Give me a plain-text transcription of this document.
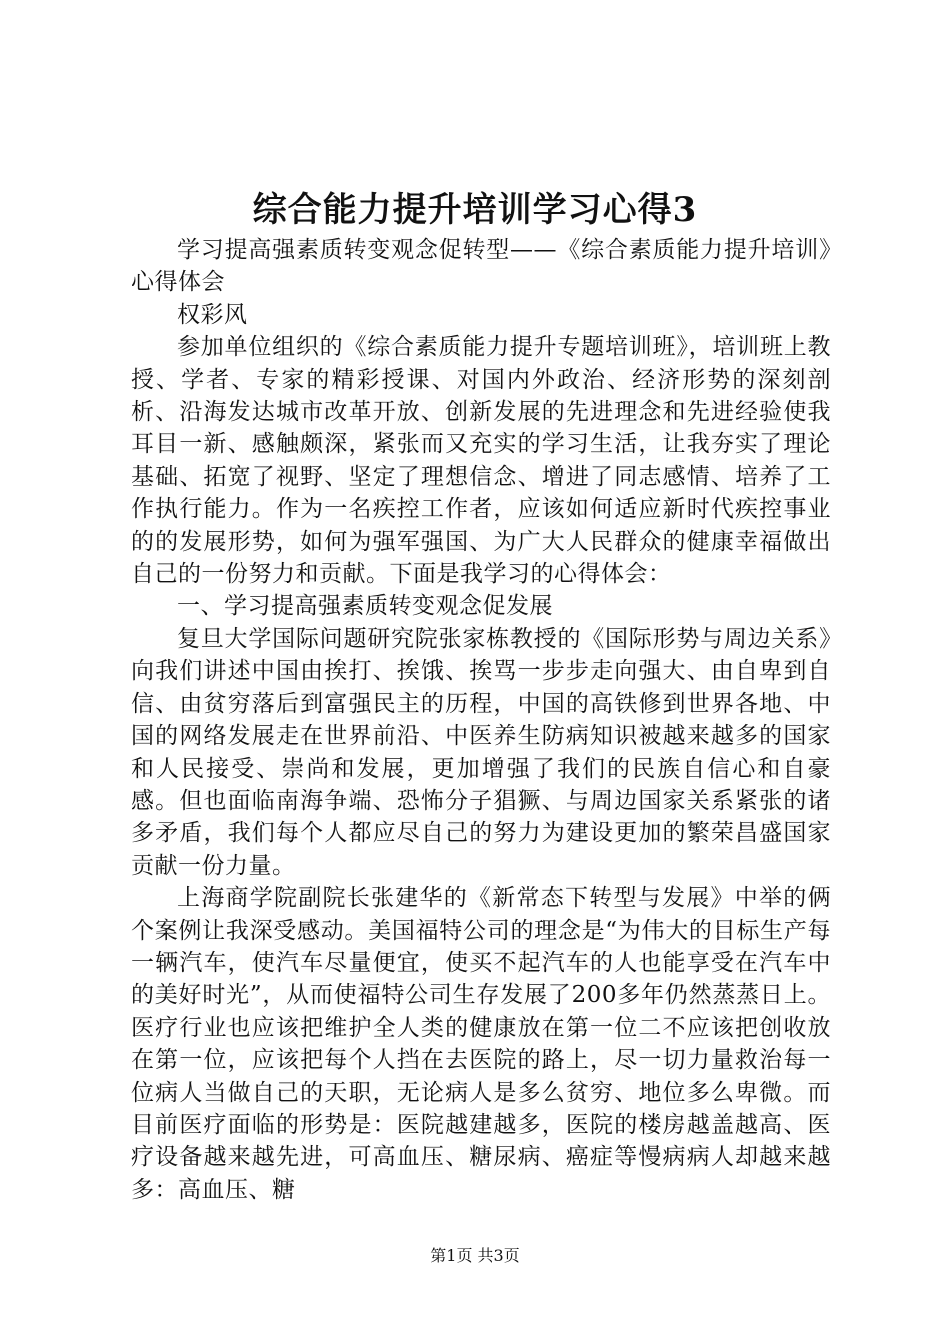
综合能力提升培训学习心得3

学习提高强素质转变观念促转型——《综合素质能力提升培训》心得体会

权彩风

参加单位组织的《综合素质能力提升专题培训班》，培训班上教授、学者、专家的精彩授课、对国内外政治、经济形势的深刻剖析、沿海发达城市改革开放、创新发展的先进理念和先进经验使我耳目一新、感触颇深，紧张而又充实的学习生活，让我夯实了理论基础、拓宽了视野、坚定了理想信念、增进了同志感情、培养了工作执行能力。作为一名疾控工作者，应该如何适应新时代疾控事业的的发展形势，如何为强军强国、为广大人民群众的健康幸福做出自己的一份努力和贡献。下面是我学习的心得体会：

一、学习提高强素质转变观念促发展

复旦大学国际问题研究院张家栋教授的《国际形势与周边关系》向我们讲述中国由挨打、挨饿、挨骂一步步走向强大、由自卑到自信、由贫穷落后到富强民主的历程，中国的高铁修到世界各地、中国的网络发展走在世界前沿、中医养生防病知识被越来越多的国家和人民接受、崇尚和发展，更加增强了我们的民族自信心和自豪感。但也面临南海争端、恐怖分子猖獗、与周边国家关系紧张的诸多矛盾，我们每个人都应尽自己的努力为建设更加的繁荣昌盛国家贡献一份力量。

上海商学院副院长张建华的《新常态下转型与发展》中举的俩个案例让我深受感动。美国福特公司的理念是“为伟大的目标生产每一辆汽车，使汽车尽量便宜，使买不起汽车的人也能享受在汽车中的美好时光”，从而使福特公司生存发展了200多年仍然蒸蒸日上。医疗行业也应该把维护全人类的健康放在第一位二不应该把创收放在第一位，应该把每个人挡在去医院的路上，尽一切力量救治每一位病人当做自己的天职，无论病人是多么贫穷、地位多么卑微。而目前医疗面临的形势是：医院越建越多，医院的楼房越盖越高、医疗设备越来越先进，可高血压、糖尿病、癌症等慢病病人却越来越多：高血压、糖

第1页 共3页
